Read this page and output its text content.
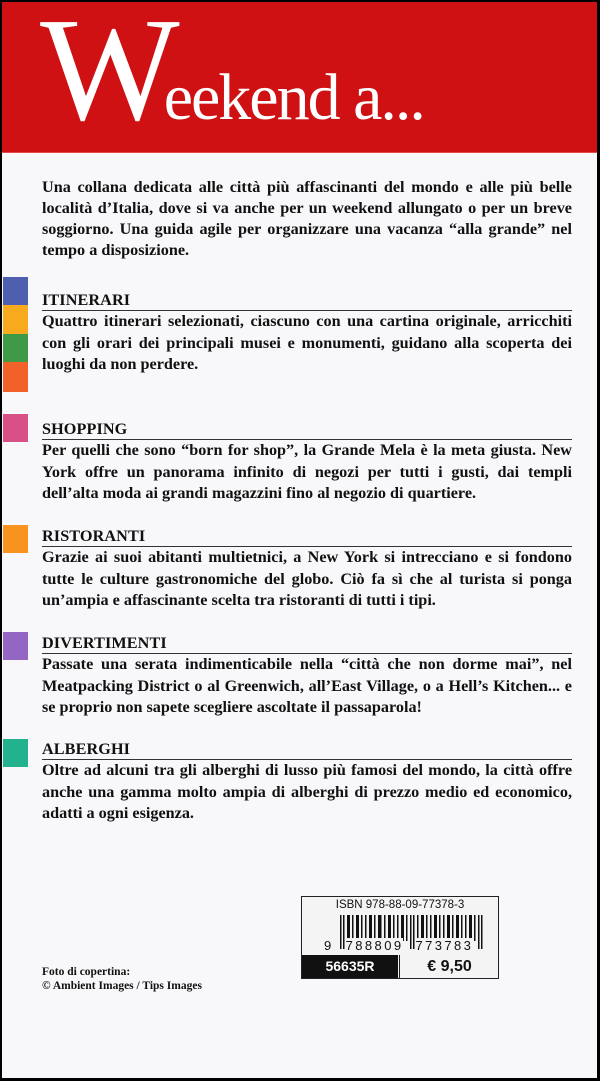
Weekend a...
Una collana dedicata alle città più affascinanti del mondo e alle più belle località d’Italia, dove si va anche per un weekend allungato o per un breve soggiorno. Una guida agile per organizzare una vacanza “alla grande” nel tempo a disposizione.
ITINERARI

Quattro itinerari selezionati, ciascuno con una cartina originale, arricchiti con gli orari dei principali musei e monumenti, guidano alla scoperta dei luoghi da non perdere.

SHOPPING

Per quelli che sono “born for shop”, la Grande Mela è la meta giusta. New York offre un panorama infinito di negozi per tutti i gusti, dai templi dell’alta moda ai grandi magazzini fino al negozio di quartiere.

RISTORANTI

Grazie ai suoi abitanti multietnici, a New York si intrecciano e si fondono tutte le culture gastronomiche del globo. Ciò fa sì che al turista si ponga un’ampia e affascinante scelta tra ristoranti di tutti i tipi.

DIVERTIMENTI

Passate una serata indimenticabile nella “città che non dorme mai”, nel Meatpacking District o al Greenwich, all’East Village, o a Hell’s Kitchen... e se proprio non sapete scegliere ascoltate il passaparola!

ALBERGHI

Oltre ad alcuni tra gli alberghi di lusso più famosi del mondo, la città offre anche una gamma molto ampia di alberghi di prezzo medio ed economico, adatti a ogni esigenza.

ISBN 978-88-09-77378-3
9 788809 773783
56635R	€ 9,50
Foto di copertina:
© Ambient Images / Tips Images
